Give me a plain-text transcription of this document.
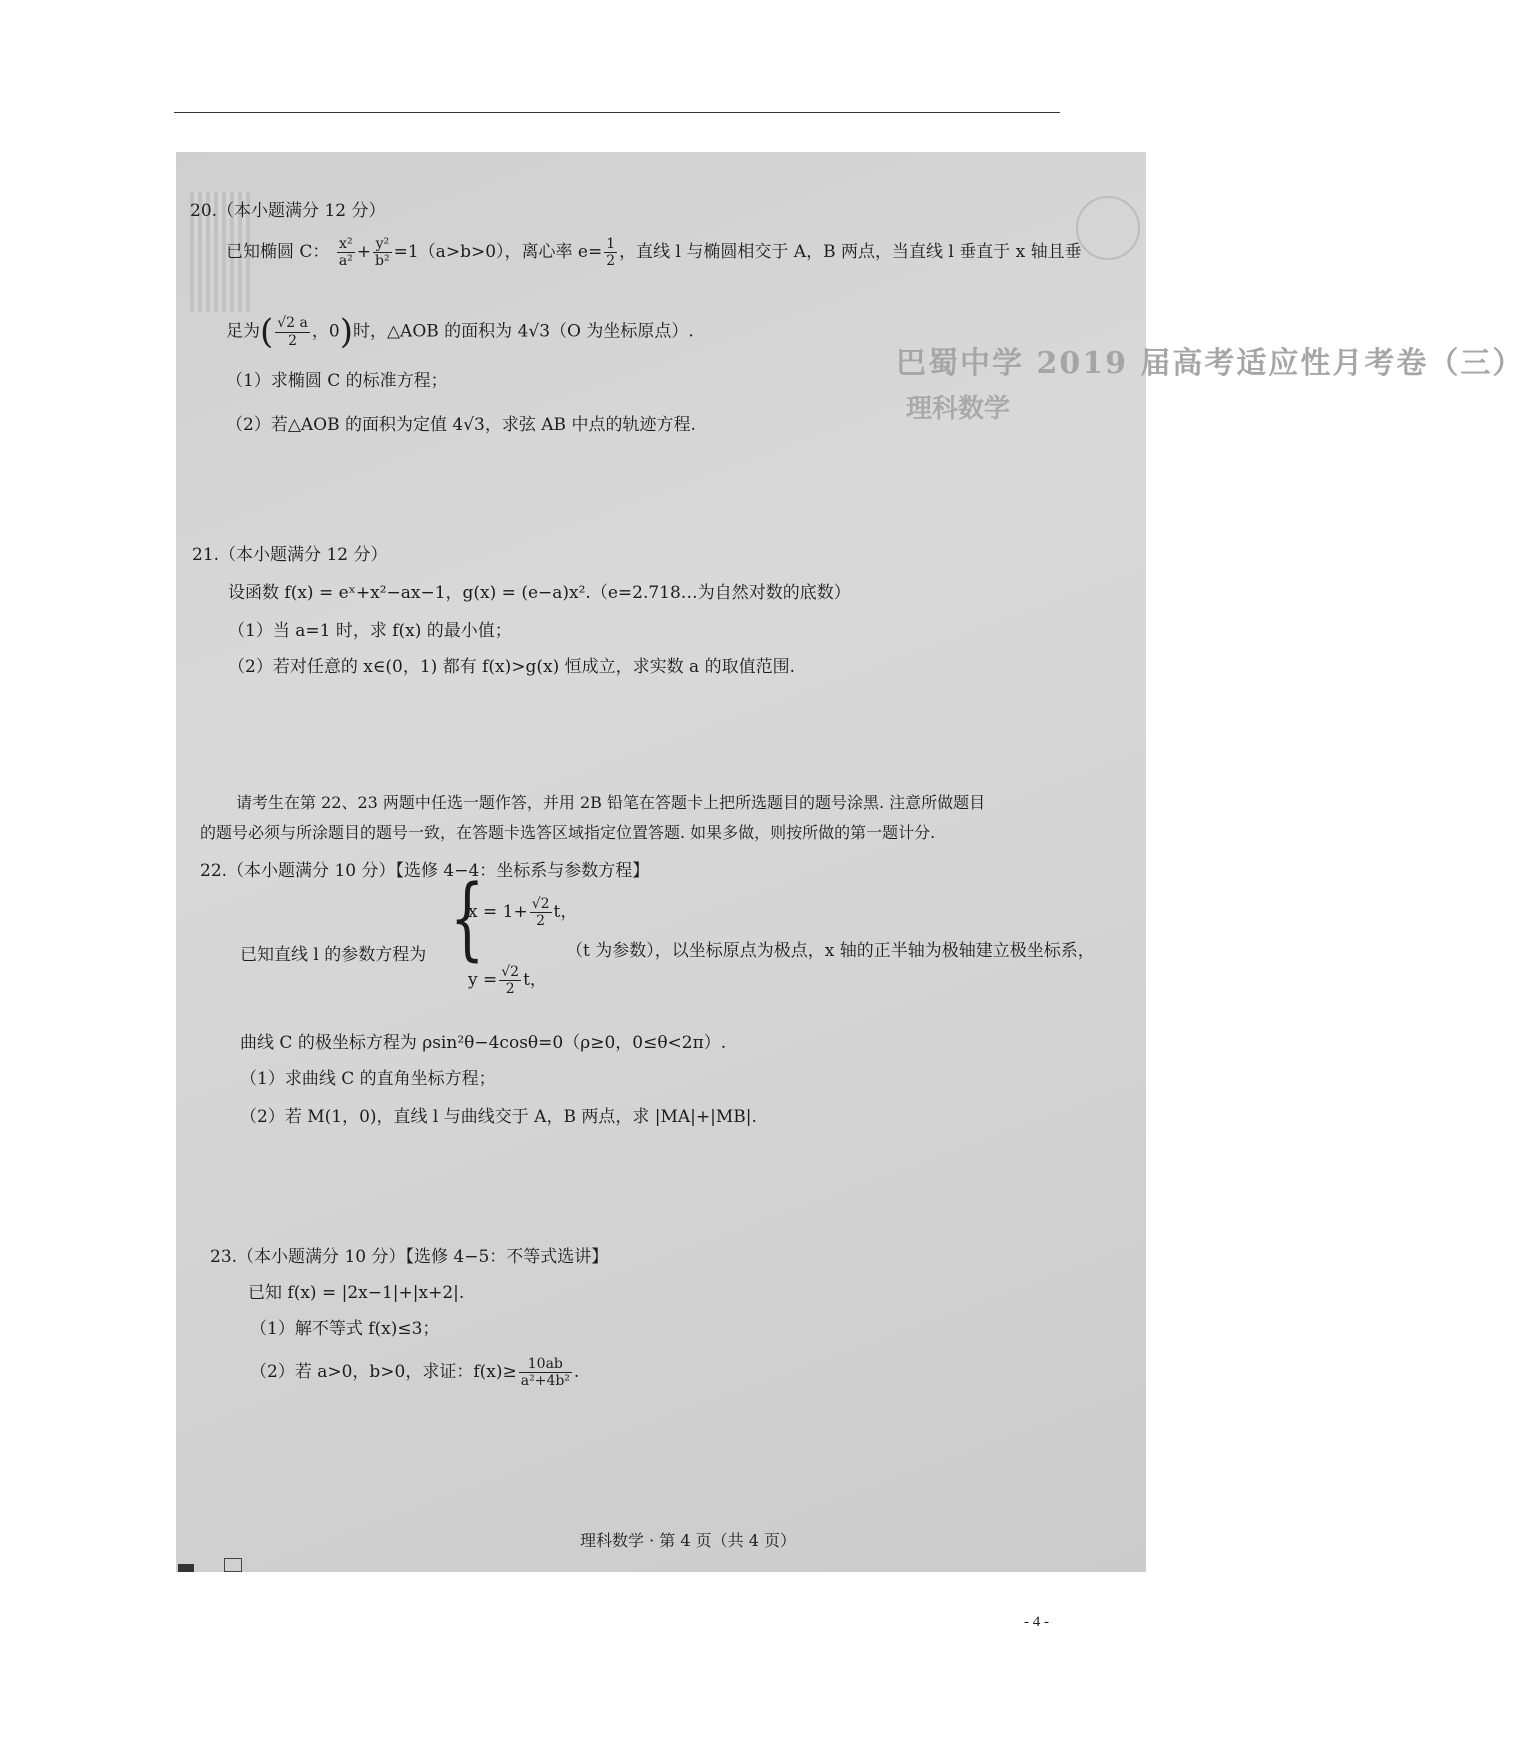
巴蜀中学 2019 届高考适应性月考卷（三）
理科数学
20.（本小题满分 12 分）
已知椭圆 C： $\frac{\text{x²}}{\text{a²}} + \frac{\text{y²}}{\text{b²}} =1(a>b>0)$，离心率 $e= \frac{1}{2}$ ，直线 l 与椭圆相交于 A，B 两点，当直线 l 垂直于 x 轴且垂
足为( $\frac{√2 a}{2}$ ，0)时，△AOB 的面积为 4√3（O 为坐标原点）.
（1）求椭圆 C 的标准方程；
（2）若△AOB 的面积为定值 4√3，求弦 AB 中点的轨迹方程.
21.（本小题满分 12 分）
设函数 f(x) = eˣ+x²−ax−1，g(x) = (e−a)x².（e=2.718…为自然对数的底数）
（1）当 a=1 时，求 f(x) 的最小值；
（2）若对任意的 x∈(0，1) 都有 f(x)>g(x) 恒成立，求实数 a 的取值范围.
请考生在第 22、23 两题中任选一题作答，并用 2B 铅笔在答题卡上把所选题目的题号涂黑. 注意所做题目
的题号必须与所涂题目的题号一致，在答题卡选答区域指定位置答题. 如果多做，则按所做的第一题计分.
22.（本小题满分 10 分）【选修 4−4：坐标系与参数方程】
已知直线 l 的参数方程为 {
$x = 1+ \frac{√2}{2}$ t，
$y = \frac{√2}{2}$ t，
（t 为参数），以坐标原点为极点，x 轴的正半轴为极轴建立极坐标系，
曲线 C 的极坐标方程为 ρsin²θ−4cosθ=0（ρ≥0，0≤θ<2π）.
（1）求曲线 C 的直角坐标方程；
（2）若 M(1，0)，直线 l 与曲线交于 A，B 两点，求 |MA|+|MB|.
23.（本小题满分 10 分）【选修 4−5：不等式选讲】
已知 f(x) = |2x−1|+|x+2|.
（1）解不等式 f(x)≤3；
（2）若 a>0，b>0，求证：$f(x)\ge \frac{10ab}{\text{a²+4b²}}$ .
理科数学 · 第 4 页（共 4 页）
- 4 -
